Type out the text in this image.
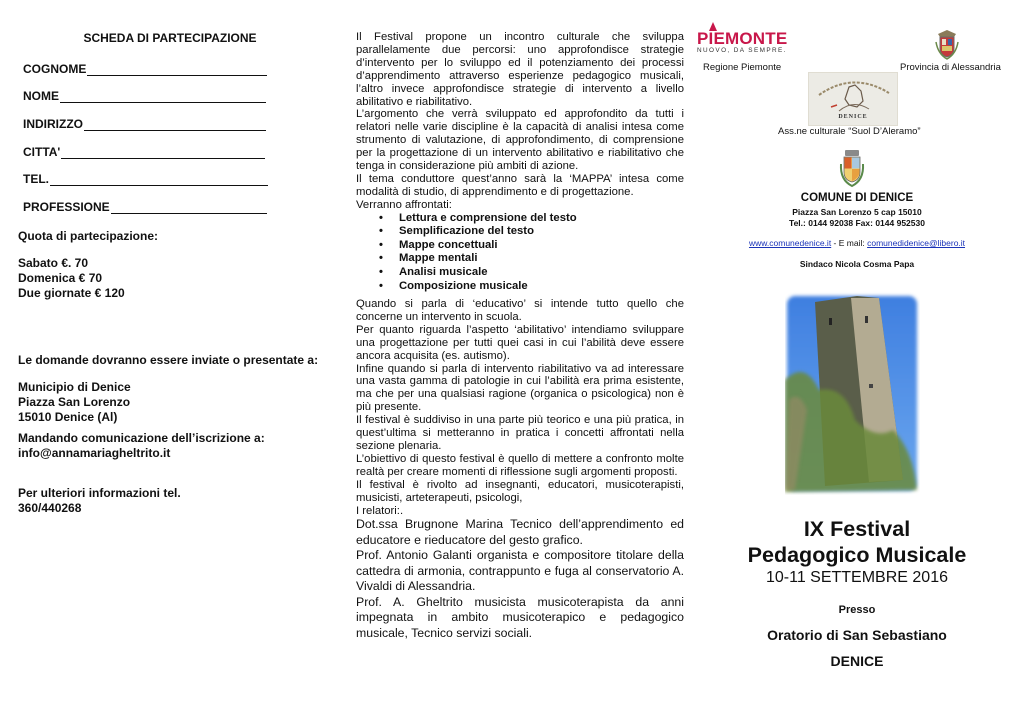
SCHEDA DI PARTECIPAZIONE
COGNOME
NOME
INDIRIZZO
CITTA'
TEL.
PROFESSIONE
Quota di partecipazione:
Sabato €. 70
Domenica € 70
Due giornate € 120
Le domande dovranno essere inviate o presentate a:
Municipio di Denice
Piazza San Lorenzo
15010 Denice (Al)
Mandando comunicazione dell’iscrizione a:
info@annamariagheltrito.it
Per ulteriori informazioni tel.
360/440268

Il Festival propone un incontro culturale che sviluppa parallelamente due percorsi: uno approfondisce strategie d’intervento per lo sviluppo ed il potenziamento dei processi d’apprendimento attraverso esperienze pedagogico musicali, l’altro invece approfondisce strategie di intervento a livello abilitativo e riabilitativo.

L’argomento che verrà sviluppato ed approfondito da tutti i relatori nelle varie discipline è la capacità di analisi intesa come strumento di valutazione, di approfondimento, di comprensione per la progettazione di un intervento abilitativo e riabilitativo che tenga in considerazione più ambiti di azione.

Il tema conduttore quest’anno sarà la ‘MAPPA’ intesa come modalità di studio, di apprendimento e di progettazione.

Verranno affrontati:

• Lettura e comprensione del testo
• Semplificazione del testo
• Mappe concettuali
• Mappe mentali
• Analisi musicale
• Composizione musicale

Quando si parla di ‘educativo’ si intende tutto quello che concerne un intervento in scuola.

Per quanto riguarda l’aspetto ‘abilitativo’ intendiamo sviluppare una progettazione per tutti quei casi in cui l’abilità deve essere ancora acquisita (es. autismo).

Infine quando si parla di intervento riabilitativo va ad interessare una vasta gamma di patologie in cui l’abilità era prima esistente, ma che per una qualsiasi ragione (organica o psicologica) non è più presente.

Il festival è suddiviso in una parte più teorico e una più pratica, in quest’ultima si metteranno in pratica i concetti affrontati nella sezione plenaria.

L’obiettivo di questo festival è quello di mettere a confronto molte realtà per creare momenti di riflessione sugli argomenti proposti.

Il festival è rivolto ad insegnanti, educatori, musicoterapisti, musicisti, arteterapeuti, psicologi,

I relatori:.

Dot.ssa Brugnone Marina Tecnico dell’apprendimento ed educatore e rieducatore del gesto grafico.

Prof. Antonio Galanti organista e compositore titolare della cattedra di armonia, contrappunto e fuga al conservatorio A. Vivaldi di Alessandria.

Prof. A. Gheltrito musicista musicoterapista da anni impegnata in ambito musicoterapico e pedagogico musicale, Tecnico servizi sociali.

PIEMONTE
NUOVO, DA SEMPRE.
Regione Piemonte	Provincia di Alessandria
DENICE
Ass.ne culturale “Suol D’Aleramo”
COMUNE DI DENICE
Piazza San Lorenzo 5 cap 15010
Tel.: 0144 92038 Fax: 0144 952530
www.comunedenice.it - E mail: comunedidenice@libero.it
Sindaco Nicola Cosma Papa
IX Festival
Pedagogico Musicale
10-11 SETTEMBRE 2016
Presso
Oratorio di San Sebastiano
DENICE
